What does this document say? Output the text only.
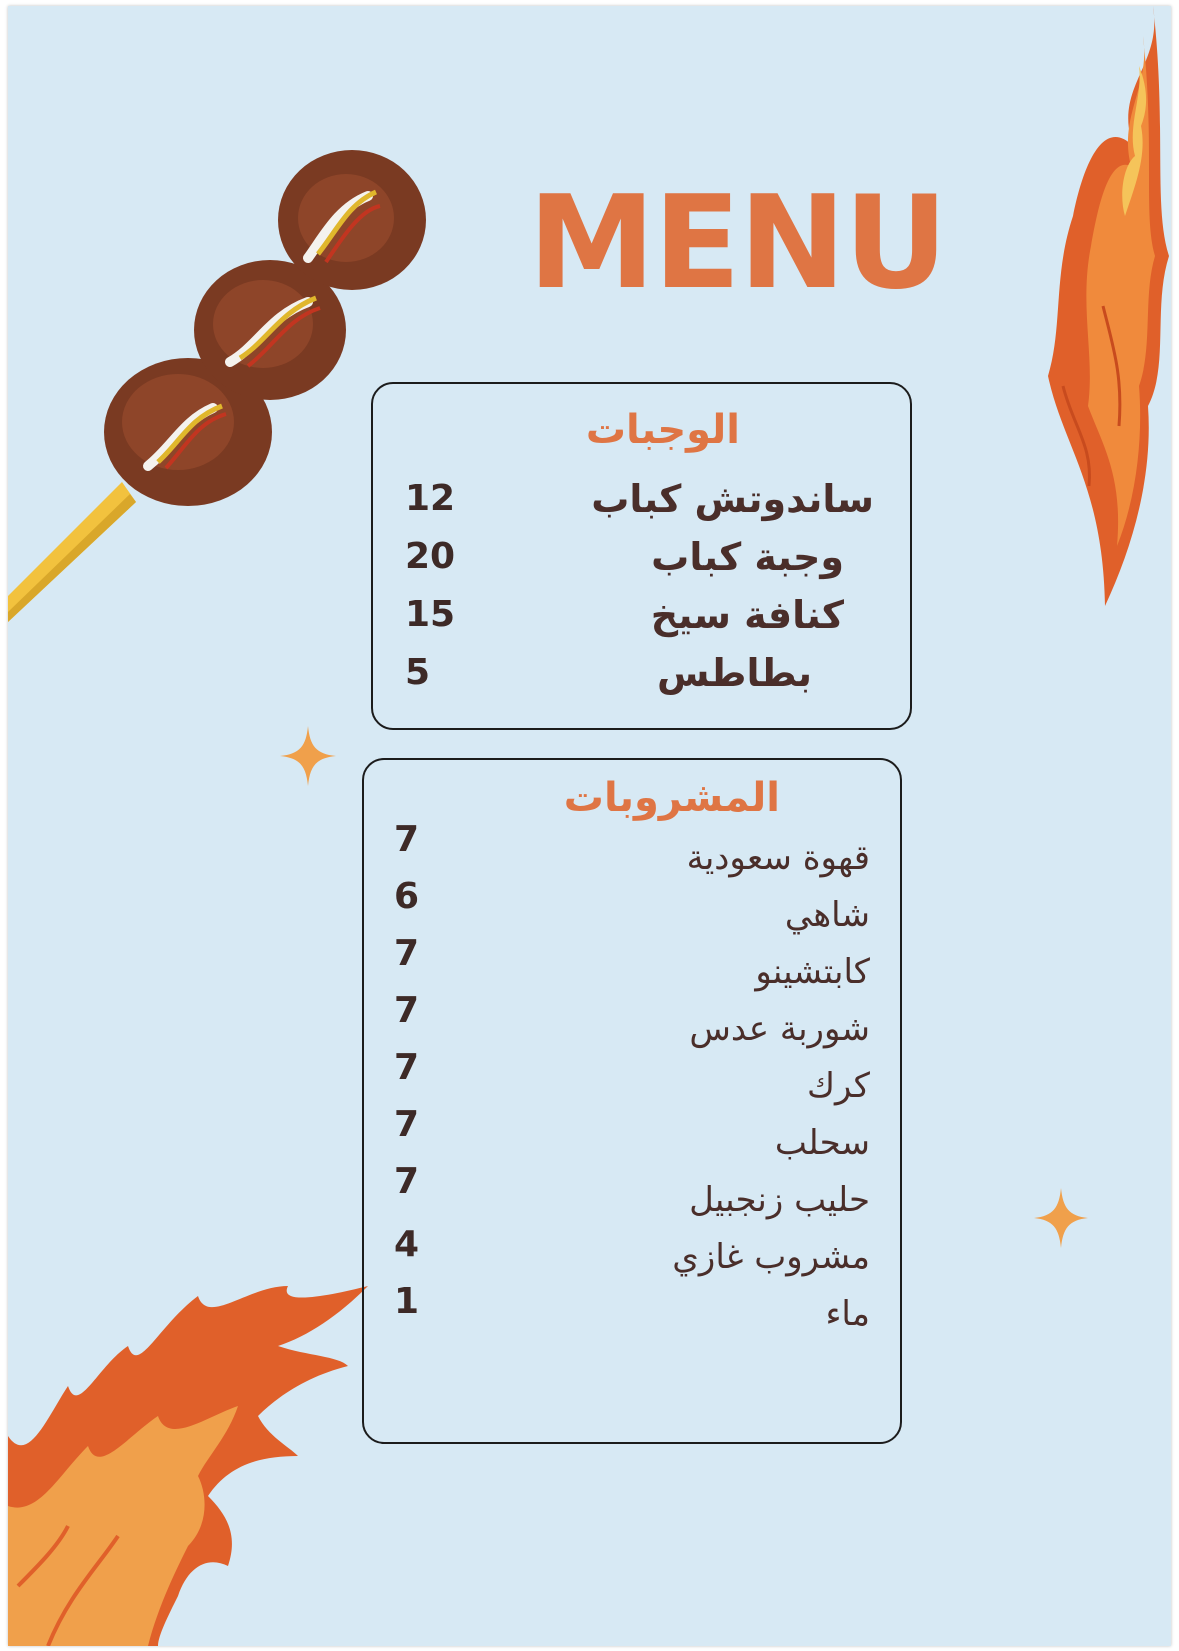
MENU
الوجبات
ساندوتش كباب
12
وجبة كباب
20
كنافة سيخ
15
بطاطس
5
المشروبات
قهوة سعودية
7
شاهي
6
كابتشينو
7
شوربة عدس
7
كرك
7
سحلب
7
حليب زنجبيل
7
مشروب غازي
4
ماء
1
